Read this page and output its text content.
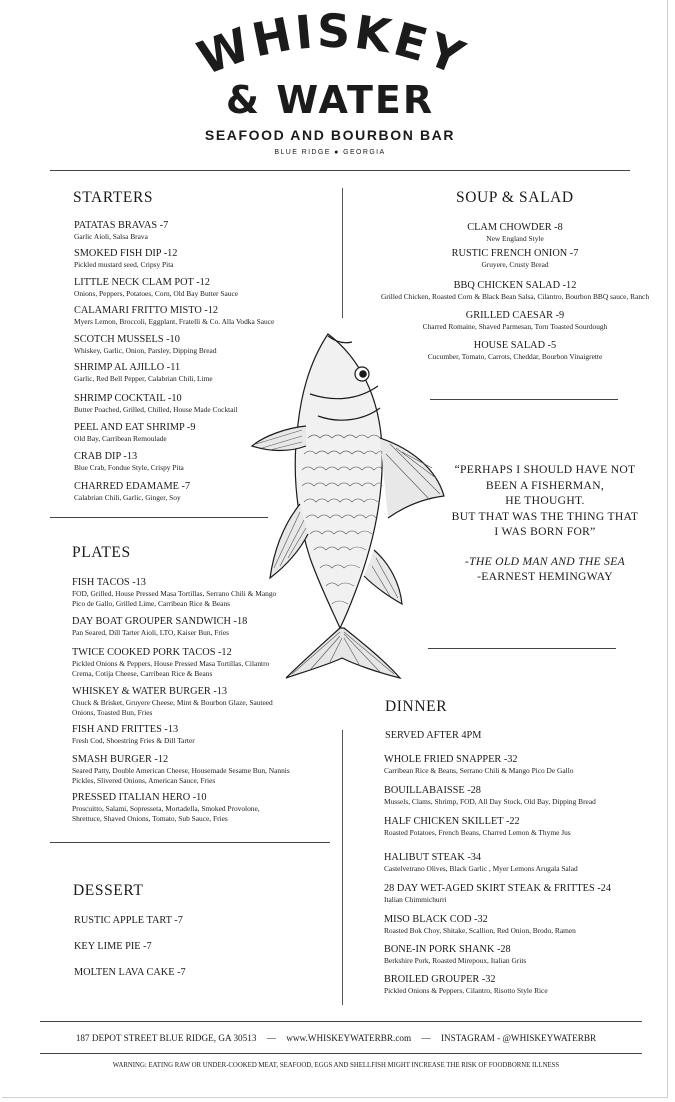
WHISKEY
& WATER
SEAFOOD AND BOURBON BAR
BLUE RIDGE ● GEORGIA
STARTERS
PATATAS BRAVAS -7
Garlic Aioli, Salsa Brava
SMOKED FISH DIP -12
Pickled mustard seed, Cripsy Pita
LITTLE NECK CLAM POT -12
Onions, Peppers, Potatoes, Corn, Old Bay Butter Sauce
CALAMARI FRITTO MISTO -12
Myers Lemon, Broccoli, Eggplant, Fratelli & Co. Alla Vodka Sauce
SCOTCH MUSSELS -10
Whiskey, Garlic, Onion, Parsley, Dipping Bread
SHRIMP AL AJILLO -11
Garlic, Red Bell Pepper, Calabrian Chili, Lime
SHRIMP COCKTAIL -10
Butter Poached, Grilled, Chilled, House Made Cocktail
PEEL AND EAT SHRIMP -9
Old Bay, Carribean Remoulade
CRAB DIP -13
Blue Crab, Fondue Style, Crispy Pita
CHARRED EDAMAME -7
Calabrian Chili, Garlic, Ginger, Soy
SOUP & SALAD
CLAM CHOWDER -8
New England Style
RUSTIC FRENCH ONION -7
Gruyere, Crusty Bread
BBQ CHICKEN SALAD -12
Grilled Chicken, Roasted Corn & Black Bean Salsa, Cilantro, Bourbon BBQ sauce, Ranch
GRILLED CAESAR -9
Charred Romaine, Shaved Parmesan, Torn Toasted Sourdough
HOUSE SALAD -5
Cucumber, Tomato, Carrots, Cheddar, Bourbon Vinaigrette
PLATES
FISH TACOS -13
FOD, Grilled, House Pressed Masa Tortillas, Serrano Chili & Mango Pico de Gallo, Grilled Lime, Carribean Rice & Beans
DAY BOAT GROUPER SANDWICH -18
Pan Seared, Dill Tarter Aioli, LTO, Kaiser Bun, Fries
TWICE COOKED PORK TACOS -12
Pickled Onions & Peppers, House Pressed Masa Tortillas, Cilantro Crema, Cotija Cheese, Carribean Rice & Beans
WHISKEY & WATER BURGER -13
Chuck & Brisket, Gruyere Cheese, Mint & Bourbon Glaze, Sauteed Onions, Toasted Bun, Fries
FISH AND FRITTES -13
Fresh Cod, Shoestring Fries & Dill Tarter
SMASH BURGER -12
Seared Patty, Double American Cheese, Housemade Sesame Bun, Nannis Pickles, Slivered Onions, American Sauce, Fries
PRESSED ITALIAN HERO -10
Proscuitto, Salami, Sopresseta, Mortadella, Smoked Provolone, Shrettuce, Shaved Onions, Tomato, Sub Sauce, Fries
“PERHAPS I SHOULD HAVE NOT
BEEN A FISHERMAN,
HE THOUGHT.
BUT THAT WAS THE THING THAT
I WAS BORN FOR”
-THE OLD MAN AND THE SEA
-EARNEST HEMINGWAY
DINNER
SERVED AFTER 4PM
WHOLE FRIED SNAPPER -32
Carribean Rice & Beans, Serrano Chili & Mango Pico De Gallo
BOUILLABAISSE -28
Mussels, Clams, Shrimp, FOD, All Day Stock, Old Bay, Dipping Bread
HALF CHICKEN SKILLET -22
Roasted Potatoes, French Beans, Charred Lemon & Thyme Jus
HALIBUT STEAK -34
Castelvetrano Olives, Black Garlic , Myer Lemons Arugala Salad
28 DAY WET-AGED SKIRT STEAK & FRITTES -24
Italian Chimmichurri
MISO BLACK COD -32
Roasted Bok Choy, Shitake, Scallion, Red Onion, Brodo, Ramen
BONE-IN PORK SHANK -28
Berkshire Pork, Roasted Mirepoux, Italian Grits
BROILED GROUPER -32
Pickled Onions & Peppers, Cilantro, Risotto Style Rice
DESSERT
RUSTIC APPLE TART -7
KEY LIME PIE -7
MOLTEN LAVA CAKE -7
187 DEPOT STREET BLUE RIDGE, GA 30513 — www.WHISKEYWATERBR.com — INSTAGRAM - @WHISKEYWATERBR
WARNING: EATING RAW OR UNDER-COOKED MEAT, SEAFOOD, EGGS AND SHELLFISH MIGHT INCREASE THE RISK OF FOODBORNE ILLNESS
